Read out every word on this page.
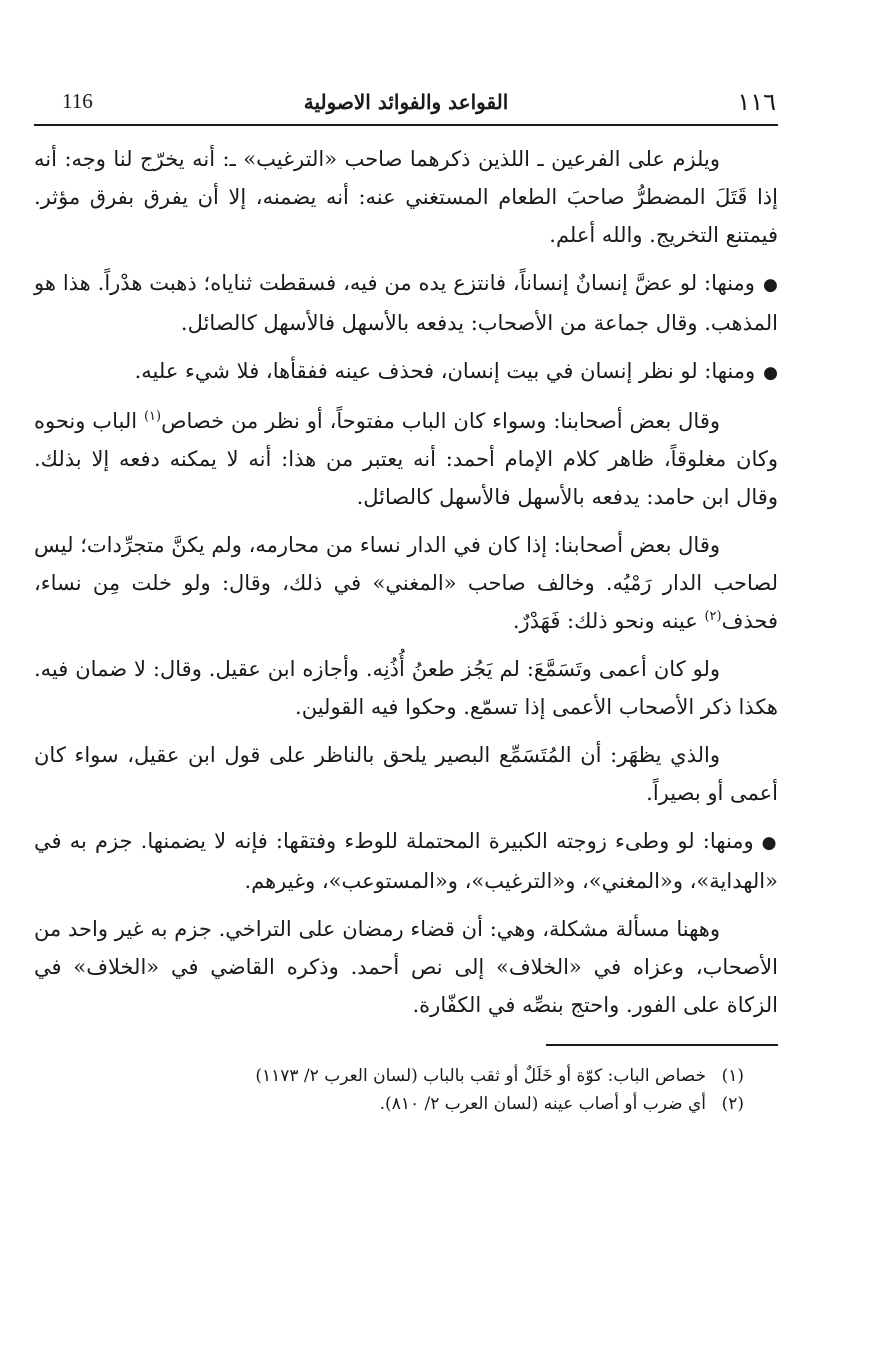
١١٦
القواعد والفوائد الاصولية
116

ويلزم على الفرعين ـ اللذين ذكرهما صاحب «الترغيب» ـ: أنه يخرّج لنا وجه: أنه إذا قَتَلَ المضطرُّ صاحبَ الطعام المستغني عنه: أنه يضمنه، إلا أن يفرق بفرق مؤثر. فيمتنع التخريج. والله أعلم.

●ومنها: لو عضَّ إنسانٌ إنساناً، فانتزع يده من فيه، فسقطت ثناياه؛ ذهبت هدْراً. هذا هو المذهب. وقال جماعة من الأصحاب: يدفعه بالأسهل فالأسهل كالصائل.

●ومنها: لو نظر إنسان في بيت إنسان، فحذف عينه ففقأها، فلا شيء عليه.

وقال بعض أصحابنا: وسواء كان الباب مفتوحاً، أو نظر من خصاص$^{(١)}$ الباب ونحوه وكان مغلوقاً، ظاهر كلام الإمام أحمد: أنه يعتبر من هذا: أنه لا يمكنه دفعه إلا بذلك. وقال ابن حامد: يدفعه بالأسهل فالأسهل كالصائل.

وقال بعض أصحابنا: إذا كان في الدار نساء من محارمه، ولم يكنَّ متجرِّدات؛ ليس لصاحب الدار رَمْيُه. وخالف صاحب «المغني» في ذلك، وقال: ولو خلت مِن نساء، فحذف$^{(٢)}$ عينه ونحو ذلك: فَهَدْرٌ.

ولو كان أعمى وتَسَمَّعَ: لم يَجُز طعنُ أُذُنِه. وأجازه ابن عقيل. وقال: لا ضمان فيه. هكذا ذكر الأصحاب الأعمى إذا تسمّع. وحكوا فيه القولين.

والذي يظهَر: أن المُتَسَمِّع البصير يلحق بالناظر على قول ابن عقيل، سواء كان أعمى أو بصيراً.

●ومنها: لو وطىء زوجته الكبيرة المحتملة للوطء وفتقها: فإنه لا يضمنها. جزم به في «الهداية»، و«المغني»، و«الترغيب»، و«المستوعب»، وغيرهم.

وههنا مسألة مشكلة، وهي: أن قضاء رمضان على التراخي. جزم به غير واحد من الأصحاب، وعزاه في «الخلاف» إلى نص أحمد. وذكره القاضي في «الخلاف» في الزكاة على الفور. واحتج بنصِّه في الكفّارة.

(١)خصاص الباب: كوّة أو خَلَلٌ أو ثقب بالباب (لسان العرب ٢/ ١١٧٣)
(٢)أي ضرب أو أصاب عينه (لسان العرب ٢/ ٨١٠).
